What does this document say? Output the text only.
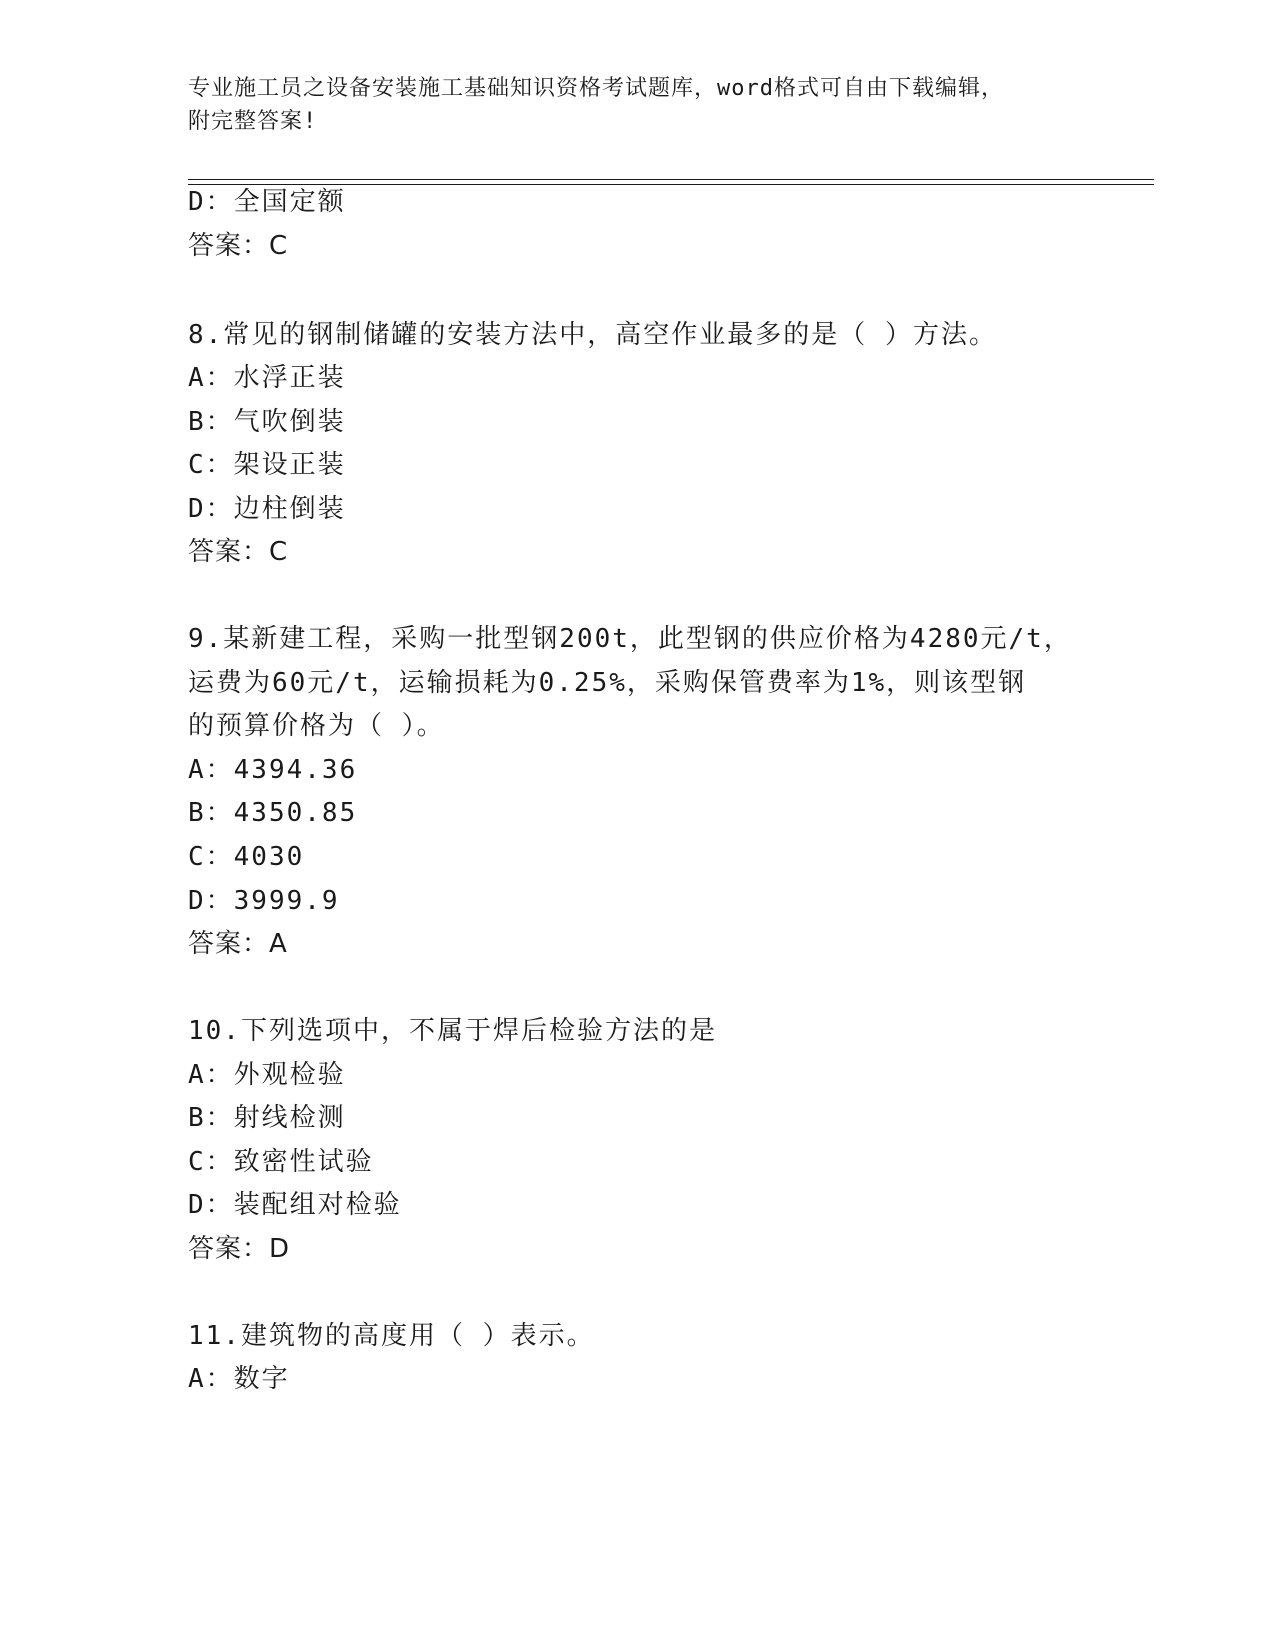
专业施工员之设备安装施工基础知识资格考试题库，word格式可自由下载编辑，
附完整答案!
D：全国定额
答案：C
8.常见的钢制储罐的安装方法中，高空作业最多的是（ ）方法。
A：水浮正装
B：气吹倒装
C：架设正装
D：边柱倒装
答案：C
9.某新建工程，采购一批型钢200t，此型钢的供应价格为4280元/t，
运费为60元/t，运输损耗为0.25%，采购保管费率为1%，则该型钢
的预算价格为（ ）。
A：4394.36
B：4350.85
C：4030
D：3999.9
答案：A
10.下列选项中，不属于焊后检验方法的是
A：外观检验
B：射线检测
C：致密性试验
D：装配组对检验
答案：D
11.建筑物的高度用（ ）表示。
A：数字
